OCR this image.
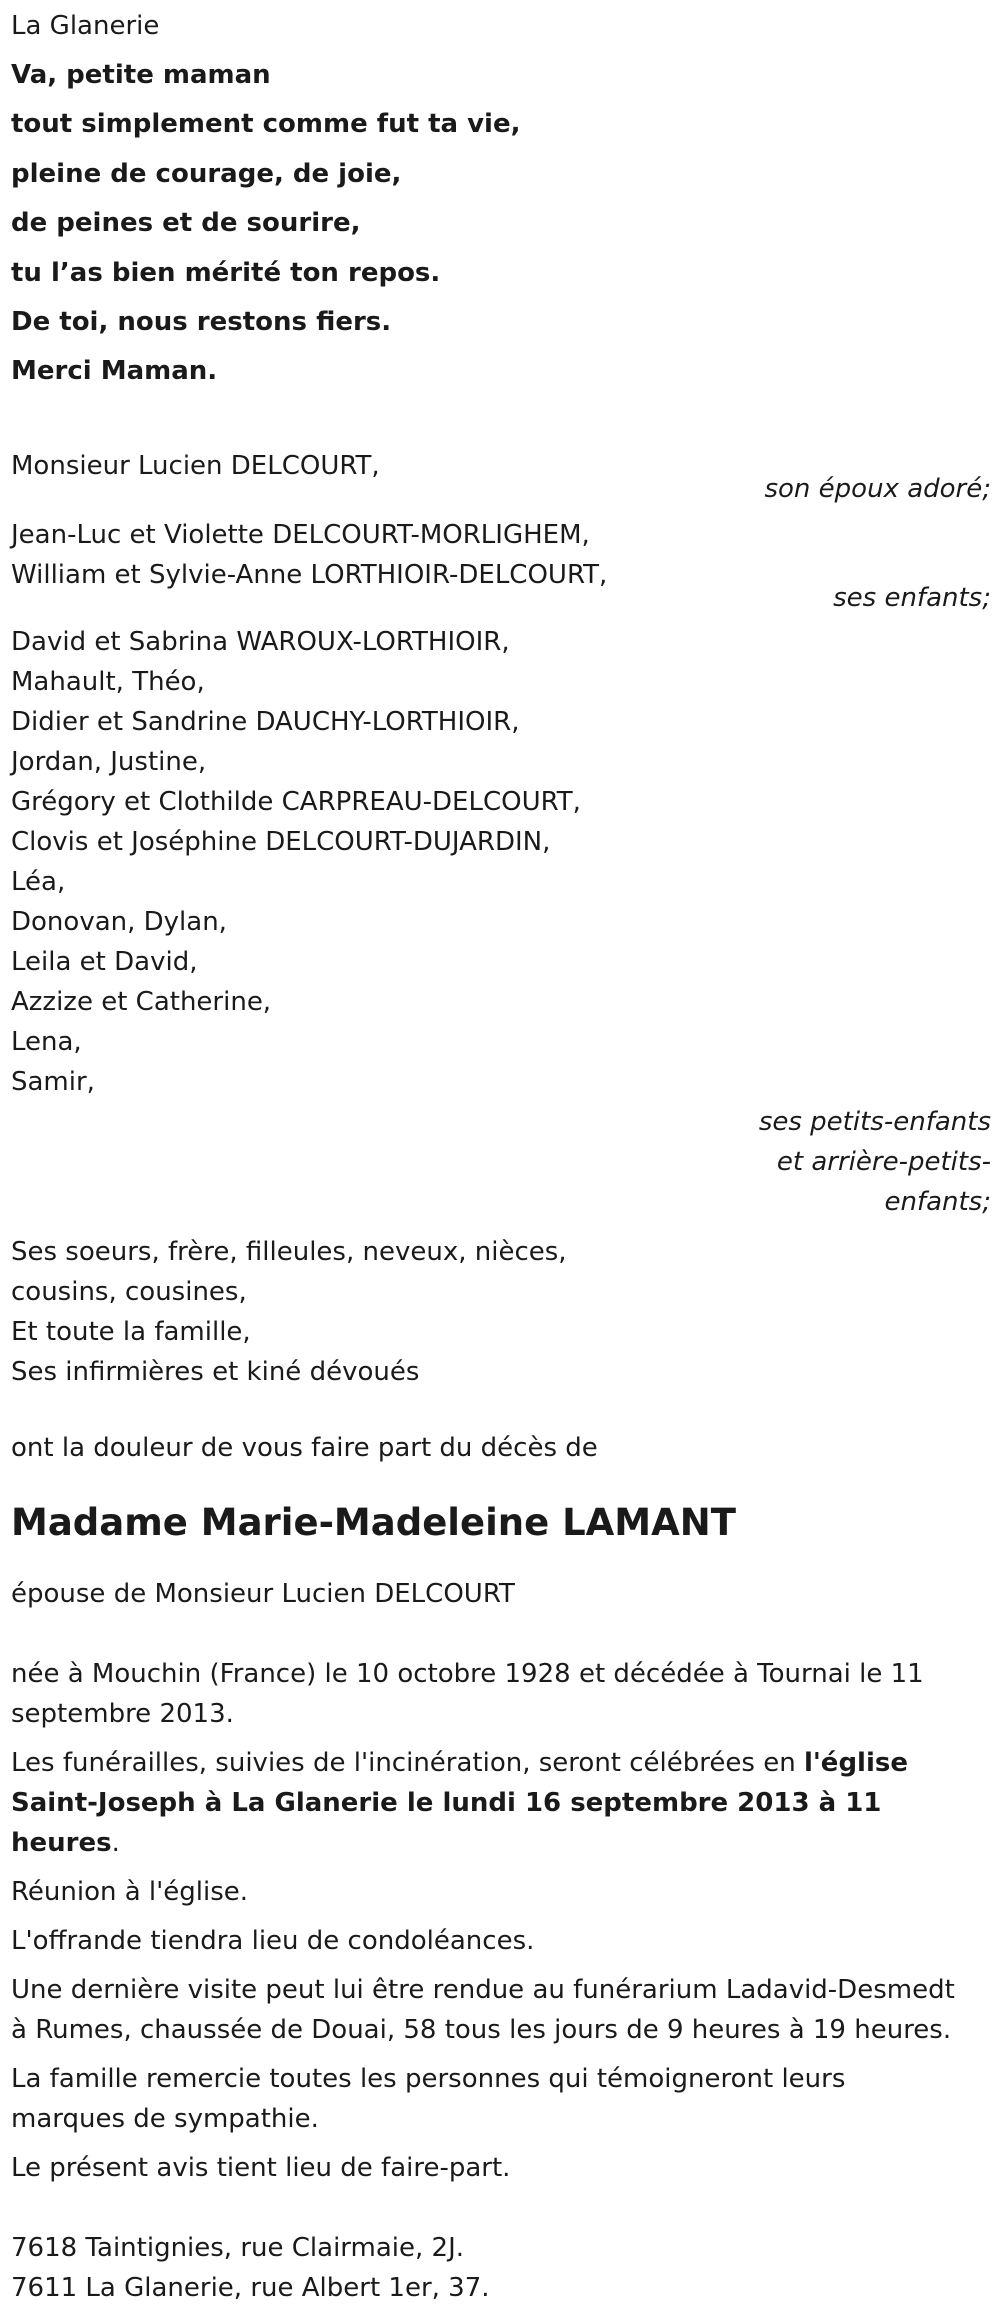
La Glanerie
Va, petite maman
tout simplement comme fut ta vie,
pleine de courage, de joie,
de peines et de sourire,
tu l’as bien mérité ton repos.
De toi, nous restons fiers.
Merci Maman.
Monsieur Lucien DELCOURT,
son époux adoré;
Jean-Luc et Violette DELCOURT-MORLIGHEM,
William et Sylvie-Anne LORTHIOIR-DELCOURT,
ses enfants;
David et Sabrina WAROUX-LORTHIOIR,
Mahault, Théo,
Didier et Sandrine DAUCHY-LORTHIOIR,
Jordan, Justine,
Grégory et Clothilde CARPREAU-DELCOURT,
Clovis et Joséphine DELCOURT-DUJARDIN,
Léa,
Donovan, Dylan,
Leila et David,
Azzize et Catherine,
Lena,
Samir,
ses petits-enfants
et arrière-petits-
enfants;
Ses soeurs, frère, filleules, neveux, nièces,
cousins, cousines,
Et toute la famille,
Ses infirmières et kiné dévoués
ont la douleur de vous faire part du décès de
Madame Marie-Madeleine LAMANT
épouse de Monsieur Lucien DELCOURT
née à Mouchin (France) le 10 octobre 1928 et décédée à Tournai le 11 septembre 2013.
Les funérailles, suivies de l'incinération, seront célébrées en l'église Saint-Joseph à La Glanerie le lundi 16 septembre 2013 à 11 heures.
Réunion à l'église.
L'offrande tiendra lieu de condoléances.
Une dernière visite peut lui être rendue au funérarium Ladavid-Desmedt à Rumes, chaussée de Douai, 58 tous les jours de 9 heures à 19 heures.
La famille remercie toutes les personnes qui témoigneront leurs marques de sympathie.
Le présent avis tient lieu de faire-part.
7618 Taintignies, rue Clairmaie, 2J.
7611 La Glanerie, rue Albert 1er, 37.
